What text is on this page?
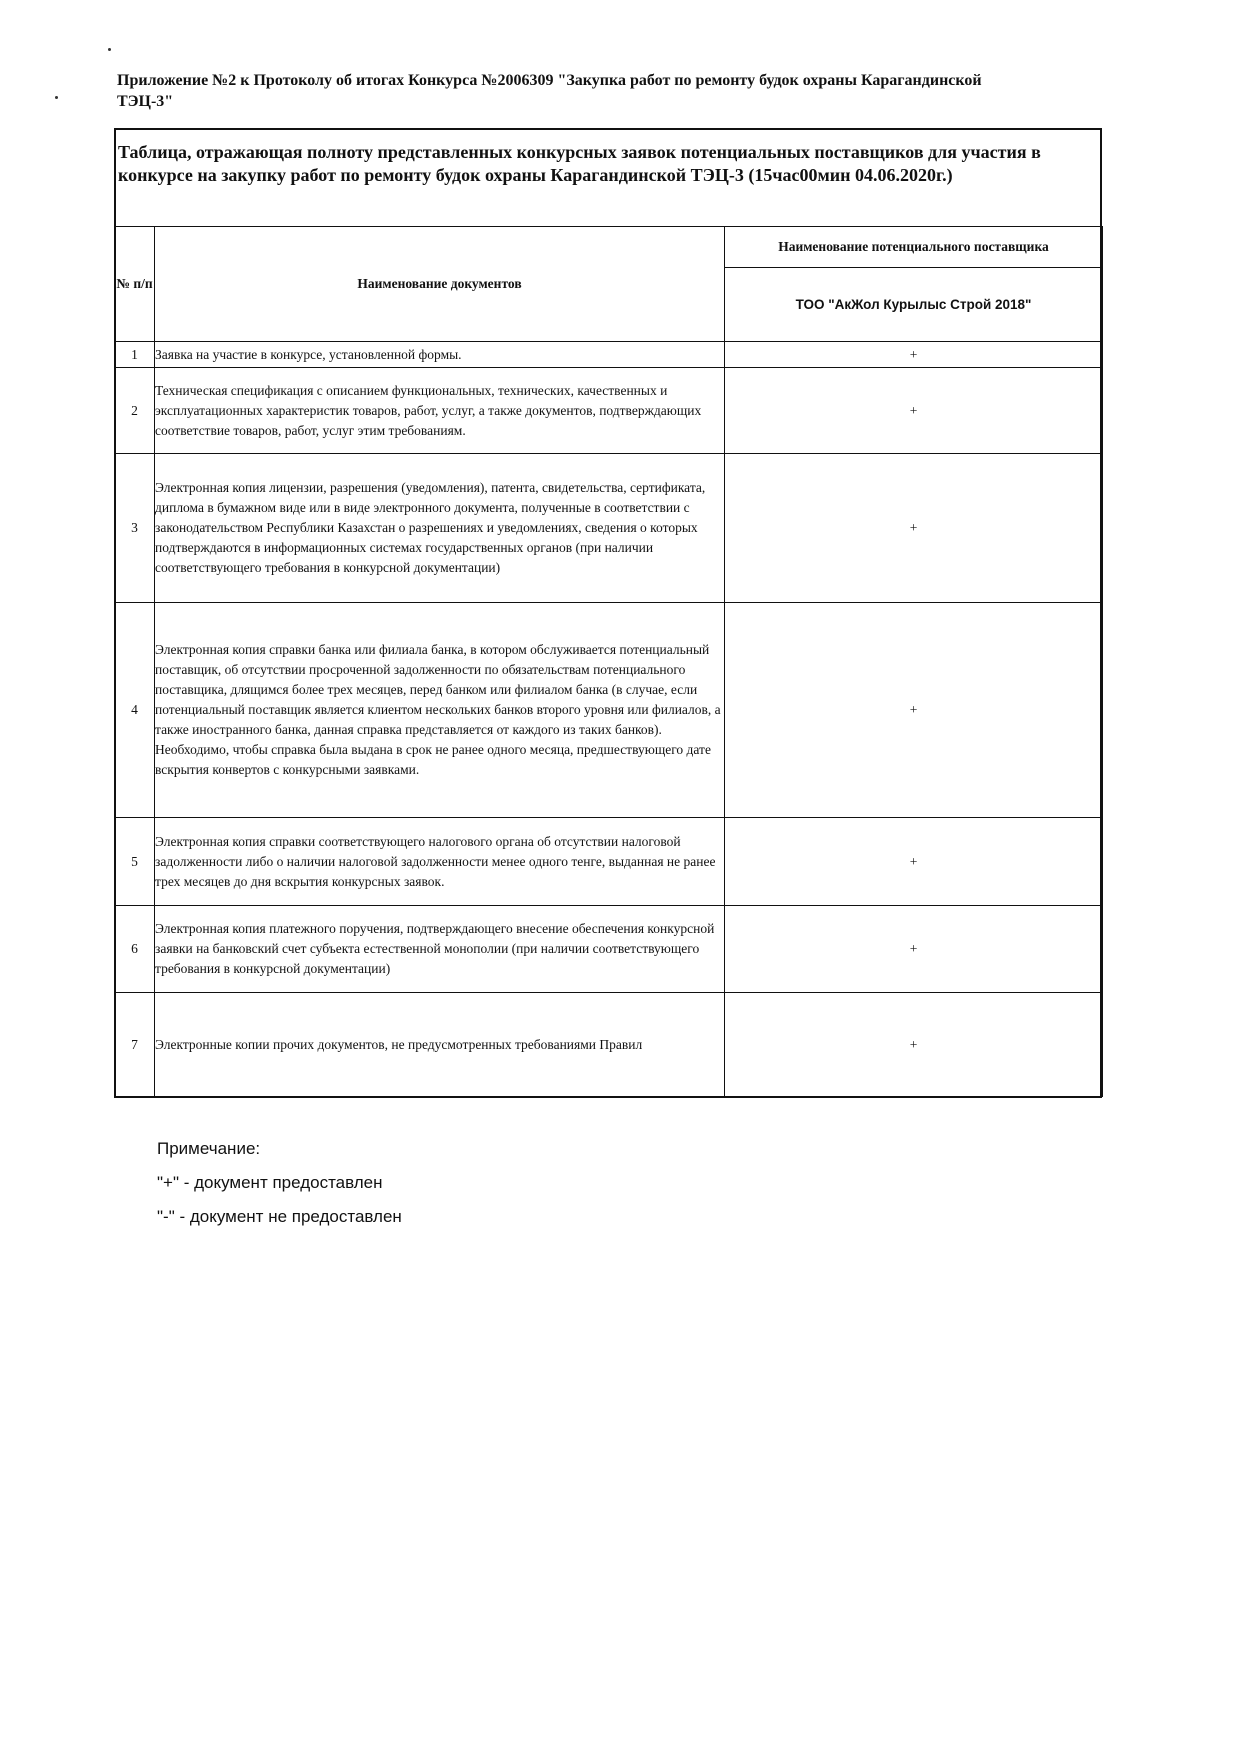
Приложение №2 к Протоколу об итогах Конкурса №2006309 "Закупка работ по ремонту будок охраны Карагандинской ТЭЦ-3"
Таблица, отражающая полноту представленных конкурсных заявок потенциальных поставщиков для участия в конкурсе на закупку работ по ремонту будок охраны Карагандинской ТЭЦ-3 (15час00мин 04.06.2020г.)
№ п/п	Наименование документов	Наименование потенциального поставщика
		ТОО "АкЖол Курылыс Строй 2018"
1	Заявка на участие в конкурсе, установленной формы.	+
2	Техническая спецификация с описанием функциональных, технических, качественных и эксплуатационных характеристик товаров, работ, услуг, а также документов, подтверждающих соответствие товаров, работ, услуг этим требованиям.	+
3	Электронная копия лицензии, разрешения (уведомления), патента, свидетельства, сертификата, диплома в бумажном виде или в виде электронного документа, полученные в соответствии с законодательством Республики Казахстан о разрешениях и уведомлениях, сведения о которых подтверждаются в информационных системах государственных органов (при наличии соответствующего требования в конкурсной документации)	+
4	Электронная копия справки банка или филиала банка, в котором обслуживается потенциальный поставщик, об отсутствии просроченной задолженности по обязательствам потенциального поставщика, длящимся более трех месяцев, перед банком или филиалом банка (в случае, если потенциальный поставщик является клиентом нескольких банков второго уровня или филиалов, а также иностранного банка, данная справка представляется от каждого из таких банков). Необходимо, чтобы справка была выдана в срок не ранее одного месяца, предшествующего дате вскрытия конвертов с конкурсными заявками.	+
5	Электронная копия справки соответствующего налогового органа об отсутствии налоговой задолженности либо о наличии налоговой задолженности менее одного тенге, выданная не ранее трех месяцев до дня вскрытия конкурсных заявок.	+
6	Электронная копия платежного поручения, подтверждающего внесение обеспечения конкурсной заявки на банковский счет субъекта естественной монополии (при наличии соответствующего требования в конкурсной документации)	+
7	Электронные копии прочих документов, не предусмотренных требованиями Правил	+
Примечание:
"+" - документ предоставлен
"-" - документ не предоставлен
